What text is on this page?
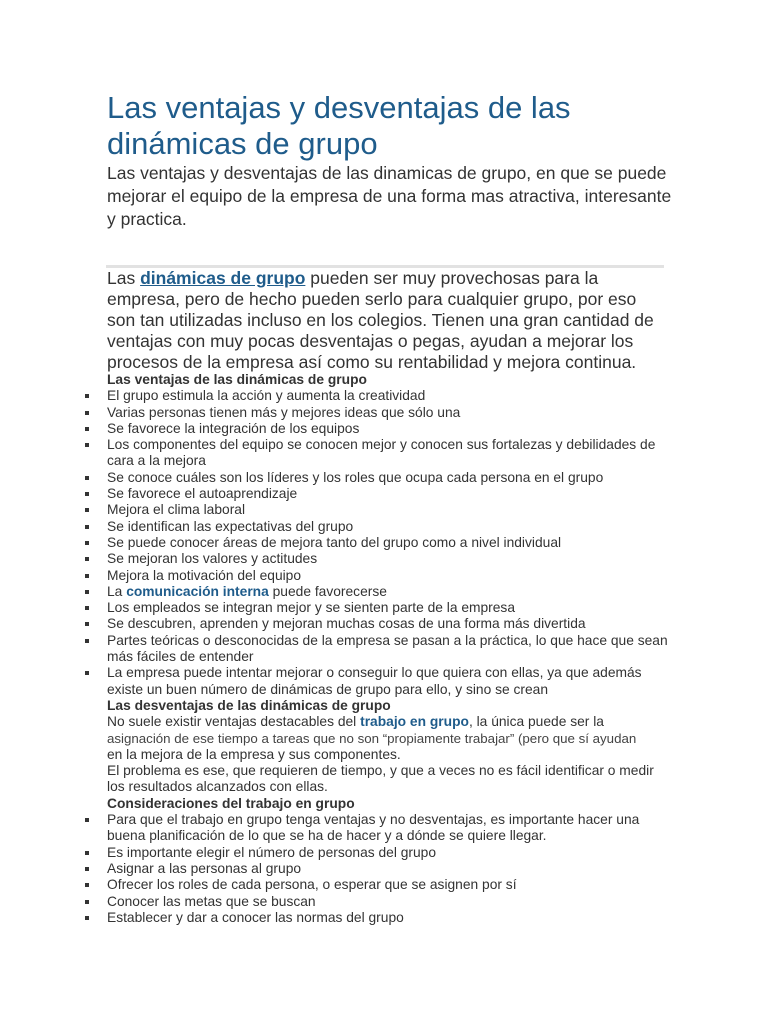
Las ventajas y desventajas de las dinámicas de grupo

Las ventajas y desventajas de las dinamicas de grupo, en que se puede mejorar el equipo de la empresa de una forma mas atractiva, interesante y practica.

Las dinámicas de grupo pueden ser muy provechosas para la empresa, pero de hecho pueden serlo para cualquier grupo, por eso son tan utilizadas incluso en los colegios. Tienen una gran cantidad de ventajas con muy pocas desventajas o pegas, ayudan a mejorar los procesos de la empresa así como su rentabilidad y mejora continua.

Las ventajas de las dinámicas de grupo
El grupo estimula la acción y aumenta la creatividad
Varias personas tienen más y mejores ideas que sólo una
Se favorece la integración de los equipos
Los componentes del equipo se conocen mejor y conocen sus fortalezas y debilidades de cara a la mejora
Se conoce cuáles son los líderes y los roles que ocupa cada persona en el grupo
Se favorece el autoaprendizaje
Mejora el clima laboral
Se identifican las expectativas del grupo
Se puede conocer áreas de mejora tanto del grupo como a nivel individual
Se mejoran los valores y actitudes
Mejora la motivación del equipo
La comunicación interna puede favorecerse
Los empleados se integran mejor y se sienten parte de la empresa
Se descubren, aprenden y mejoran muchas cosas de una forma más divertida
Partes teóricas o desconocidas de la empresa se pasan a la práctica, lo que hace que sean más fáciles de entender
La empresa puede intentar mejorar o conseguir lo que quiera con ellas, ya que además existe un buen número de dinámicas de grupo para ello, y sino se crean
Las desventajas de las dinámicas de grupo
No suele existir ventajas destacables del trabajo en grupo, la única puede ser la
asignación de ese tiempo a tareas que no son “propiamente trabajar” (pero que sí ayudan
en la mejora de la empresa y sus componentes.
El problema es ese, que requieren de tiempo, y que a veces no es fácil identificar o medir los resultados alcanzados con ellas.
Consideraciones del trabajo en grupo
Para que el trabajo en grupo tenga ventajas y no desventajas, es importante hacer una buena planificación de lo que se ha de hacer y a dónde se quiere llegar.
Es importante elegir el número de personas del grupo
Asignar a las personas al grupo
Ofrecer los roles de cada persona, o esperar que se asignen por sí
Conocer las metas que se buscan
Establecer y dar a conocer las normas del grupo
